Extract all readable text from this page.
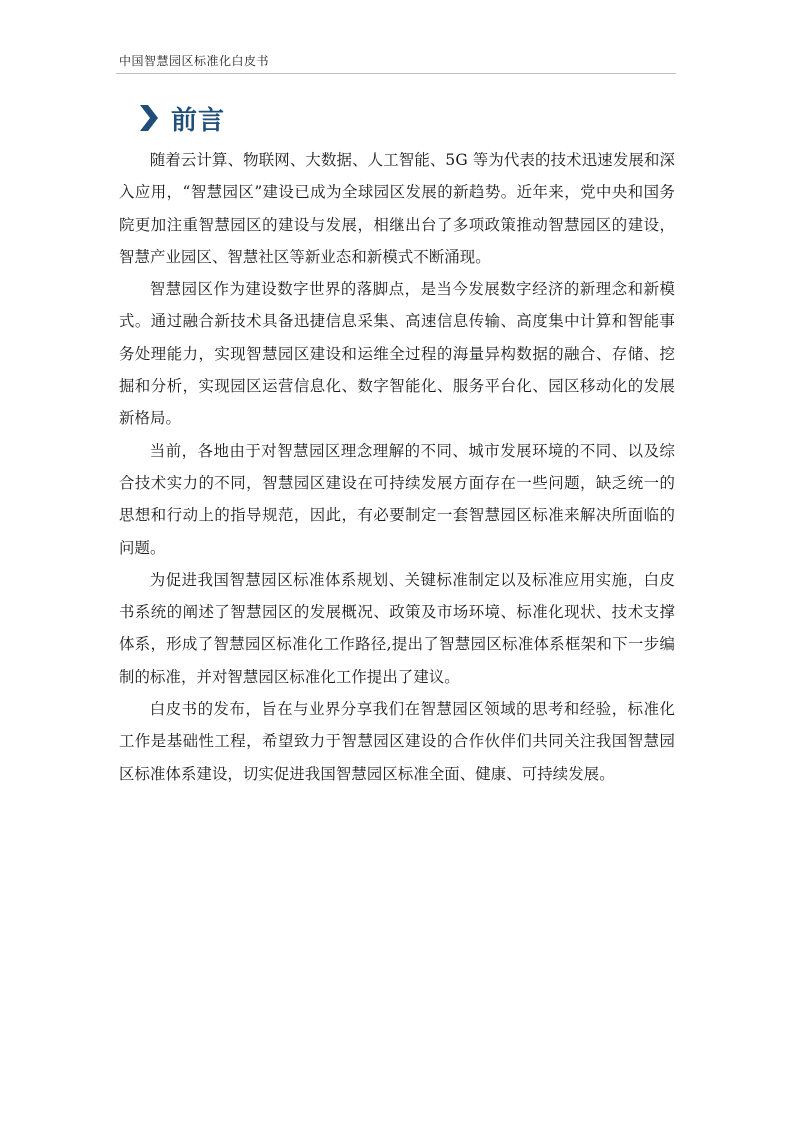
中国智慧园区标准化白皮书
前言

随着云计算、物联网、大数据、人工智能、5G 等为代表的技术迅速发展和深入应用，“智慧园区”建设已成为全球园区发展的新趋势。近年来，党中央和国务院更加注重智慧园区的建设与发展，相继出台了多项政策推动智慧园区的建设，智慧产业园区、智慧社区等新业态和新模式不断涌现。

智慧园区作为建设数字世界的落脚点，是当今发展数字经济的新理念和新模式。通过融合新技术具备迅捷信息采集、高速信息传输、高度集中计算和智能事务处理能力，实现智慧园区建设和运维全过程的海量异构数据的融合、存储、挖掘和分析，实现园区运营信息化、数字智能化、服务平台化、园区移动化的发展新格局。

当前，各地由于对智慧园区理念理解的不同、城市发展环境的不同、以及综合技术实力的不同，智慧园区建设在可持续发展方面存在一些问题，缺乏统一的思想和行动上的指导规范，因此，有必要制定一套智慧园区标准来解决所面临的问题。

为促进我国智慧园区标准体系规划、关键标准制定以及标准应用实施，白皮书系统的阐述了智慧园区的发展概况、政策及市场环境、标准化现状、技术支撑体系，形成了智慧园区标准化工作路径,提出了智慧园区标准体系框架和下一步编制的标准，并对智慧园区标准化工作提出了建议。

白皮书的发布，旨在与业界分享我们在智慧园区领域的思考和经验，标准化工作是基础性工程，希望致力于智慧园区建设的合作伙伴们共同关注我国智慧园区标准体系建设，切实促进我国智慧园区标准全面、健康、可持续发展。
